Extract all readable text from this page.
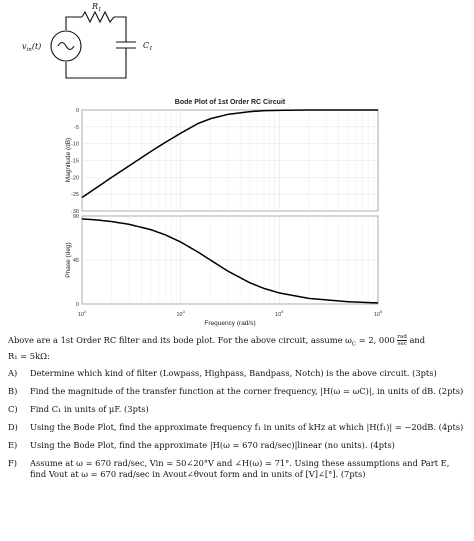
$R_1$
$v_{in}(t)$	$C_1$
Bode Plot of 1st Order RC Circuit
0
-5
-10
-15
-20
-25
-30
90
45
0
$10^2$
$10^3$
$10^4$
$10^5$
Magnitude (dB)
Phase (deg)
Frequency (rad/s)

Above are a 1st Order RC filter and its bode plot. For the above circuit, assume $\omega_C = 2$, 000 rad
sec and
R₁ = 5kΩ:

A)	Determine which kind of filter (Lowpass, Highpass, Bandpass, Notch) is the above circuit. (3pts)
B)	Find the magnitude of the transfer function at the corner frequency, |H(ω = ωC)|, in units of dB. (2pts)
C)	Find C₁ in units of μF. (3pts)
D)	Using the Bode Plot, find the approximate frequency f₁ in units of kHz at which |H(f₁)| = −20dB. (4pts)
E)	Using the Bode Plot, find the approximate |H(ω = 670 rad/sec)|linear (no units). (4pts)
F)	Assume at ω = 670 rad/sec, Vin = 50∠20°V and ∠H(ω) = 71°. Using these assumptions and Part E, find Vout at ω = 670 rad/sec in Avout∠θvout form and in units of [V]∠[°]. (7pts)
